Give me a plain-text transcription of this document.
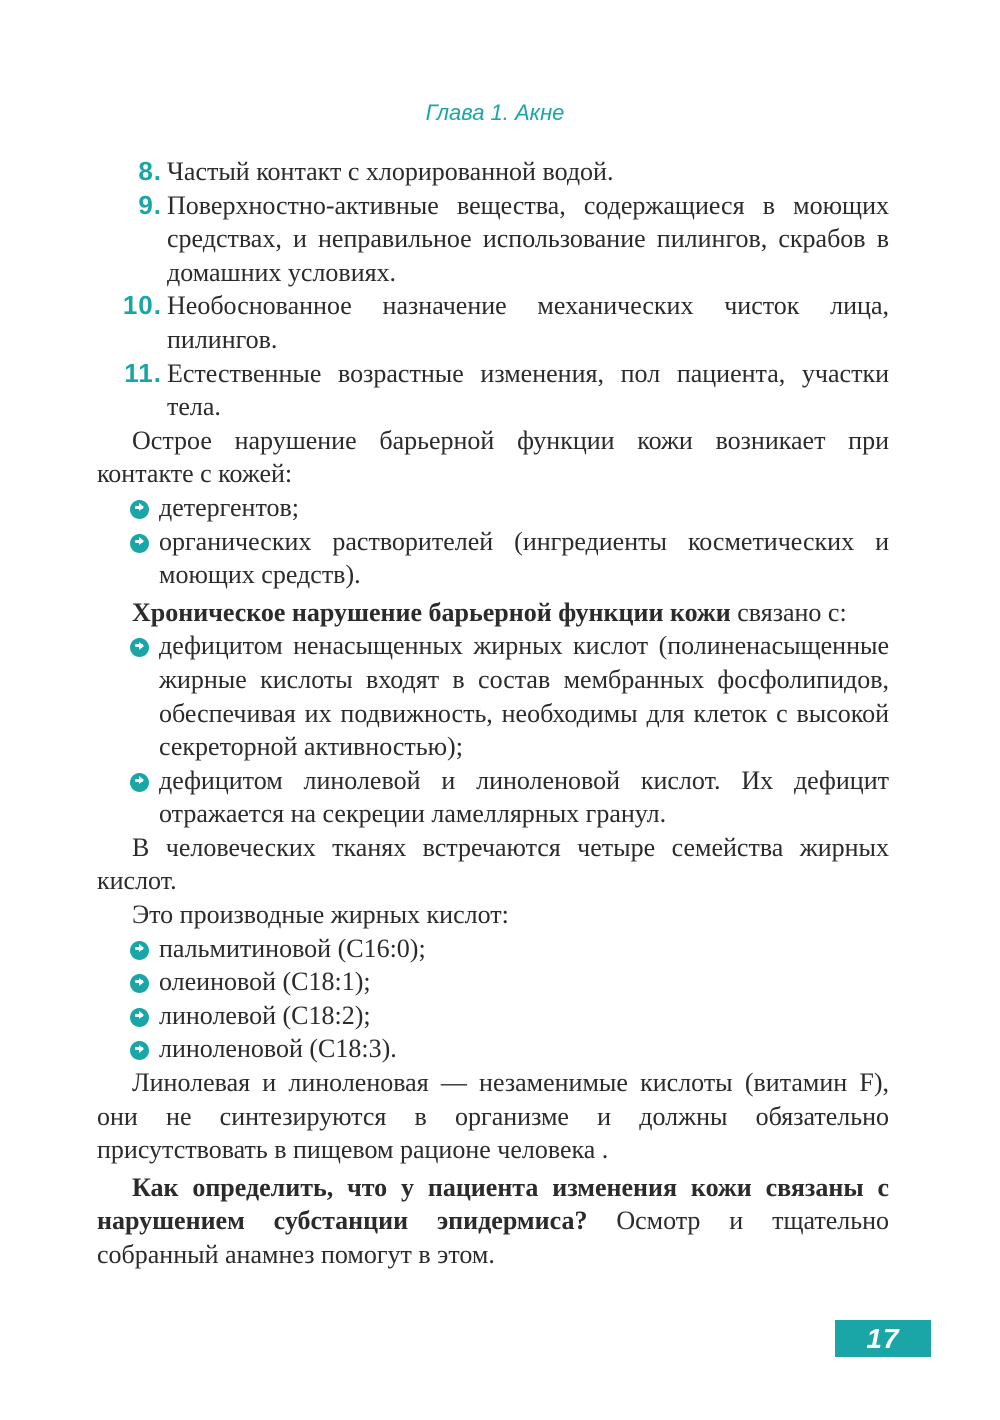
Глава 1. Акне
8. Частый контакт с хлорированной водой.
9. Поверхностно-активные вещества, содержащиеся в моющих средствах, и неправильное использование пилингов, скрабов в домашних условиях.
10. Необоснованное назначение механических чисток лица, пилингов.
11. Естественные возрастные изменения, пол пациента, участки тела.
Острое нарушение барьерной функции кожи возникает при контакте с кожей:
детергентов;
органических растворителей (ингредиенты косметических и моющих средств).
Хроническое нарушение барьерной функции кожи связано с:
дефицитом ненасыщенных жирных кислот (полиненасыщенные жирные кислоты входят в состав мембранных фосфолипидов, обеспечивая их подвижность, необходимы для клеток с высокой секреторной активностью);
дефицитом линолевой и линоленовой кислот. Их дефицит отражается на секреции ламеллярных гранул.
В человеческих тканях встречаются четыре семейства жирных кислот.
Это производные жирных кислот:
пальмитиновой (С16:0);
олеиновой (С18:1);
линолевой (С18:2);
линоленовой (С18:3).
Линолевая и линоленовая — незаменимые кислоты (витамин F), они не синтезируются в организме и должны обязательно присутствовать в пищевом рационе человека .
Как определить, что у пациента изменения кожи связаны с нарушением субстанции эпидермиса? Осмотр и тщательно собранный анамнез помогут в этом.
17
